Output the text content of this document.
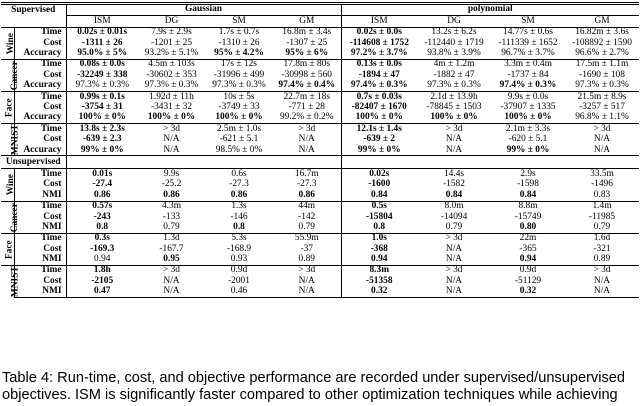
Supervised		Gaussian				polynomial			
		ISM	DG	SM	GM	ISM	DG	SM	GM
Wine	Time	0.02s ± 0.01s	7.9s ± 2.9s	1.7s ± 0.7s	16.8m ± 3.4s	0.02s ± 0.0s	13.2s ± 6.2s	14.77s ± 0.6s	16.82m ± 3.6s
	Cost	-1311 ± 26	-1201 ± 25	-1310 ± 26	-1307 ± 25	-114608 ± 1752	-112440 ± 1719	-111339 ± 1652	-108892 ± 1590
	Accuracy	95.0% ± 5%	93.2% ± 5.1%	95% ± 4.2%	95% ± 6%	97.2% ± 3.7%	93.8% ± 3.9%	96.7% ± 3.7%	96.6% ± 2.7%
Cancer	Time	0.08s ± 0.0s	4.5m ± 103s	17s ± 12s	17.8m ± 80s	0.13s ± 0.0s	4m ± 1.2m	3.3m ± 0.4m	17.5m ± 1.1m
	Cost	-32249 ± 338	-30602 ± 353	-31996 ± 499	-30998 ± 560	-1894 ± 47	-1882 ± 47	-1737 ± 84	-1690 ± 108
	Accuracy	97.3% ± 0.3%	97.3% ± 0.3%	97.3% ± 0.3%	97.4% ± 0.4%	97.4% ± 0.3%	97.3% ± 0.3%	97.4% ± 0.3%	97.3% ± 0.3%
Face	Time	0.99s ± 0.1s	1.92d ± 11h	10s ± 5s	22.7m ± 18s	0.7s ± 0.03s	2.1d ± 13.9h	9.9s ± 0.0s	21.5m ± 8.9s
	Cost	-3754 ± 31	-3431 ± 32	-3749 ± 33	-771 ± 28	-82407 ± 1670	-78845 ± 1503	-37907 ± 1335	-3257 ± 517
	Accuracy	100% ± 0%	100% ± 0%	100% ± 0%	99.2% ± 0.2%	100% ± 0%	100% ± 0%	100% ± 0%	96.8% ± 1.1%
MNIST	Time	13.8s ± 2.3s	> 3d	2.5m ± 1.0s	> 3d	12.1s ± 1.4s	> 3d	2.1m ± 3.3s	> 3d
	Cost	-639 ± 2.3	N/A	-621 ± 5.1	N/A	-639 ± 2	N/A	-620 ± 5.1	N/A
	Accuracy	99% ± 0%	N/A	98.5% ± 0%	N/A	99% ± 0%	N/A	99% ± 0%	N/A
Unsupervised									
Wine	Time	0.01s	9.9s	0.6s	16.7m	0.02s	14.4s	2.9s	33.5m
	Cost	-27.4	-25.2	-27.3	-27.3	-1600	-1582	-1598	-1496
	NMI	0.86	0.86	0.86	0.86	0.84	0.84	0.84	0.83
Cancer	Time	0.57s	4.3m	1.3s	44m	0.5s	8.0m	8.8m	1.4m
	Cost	-243	-133	-146	-142	-15804	-14094	-15749	-11985
	NMI	0.8	0.79	0.8	0.79	0.8	0.79	0.80	0.79
Face	Time	0.3s	1.3d	5.3s	55.9m	1.0s	> 3d	22m	1.6d
	Cost	-169.3	-167.7	-168.9	-37	-368	N/A	-365	-321
	NMI	0.94	0.95	0.93	0.89	0.94	N/A	0.94	0.89
MNIST	Time	1.8h	> 3d	0.9d	> 3d	8.3m	> 3d	0.9d	> 3d
	Cost	-2105	N/A	-2001	N/A	-51358	N/A	-51129	N/A
	NMI	0.47	N/A	0.46	N/A	0.32	N/A	0.32	N/A
Table 4: Run-time, cost, and objective performance are recorded under supervised/unsupervised objectives. ISM is significantly faster compared to other optimization techniques while achieving
